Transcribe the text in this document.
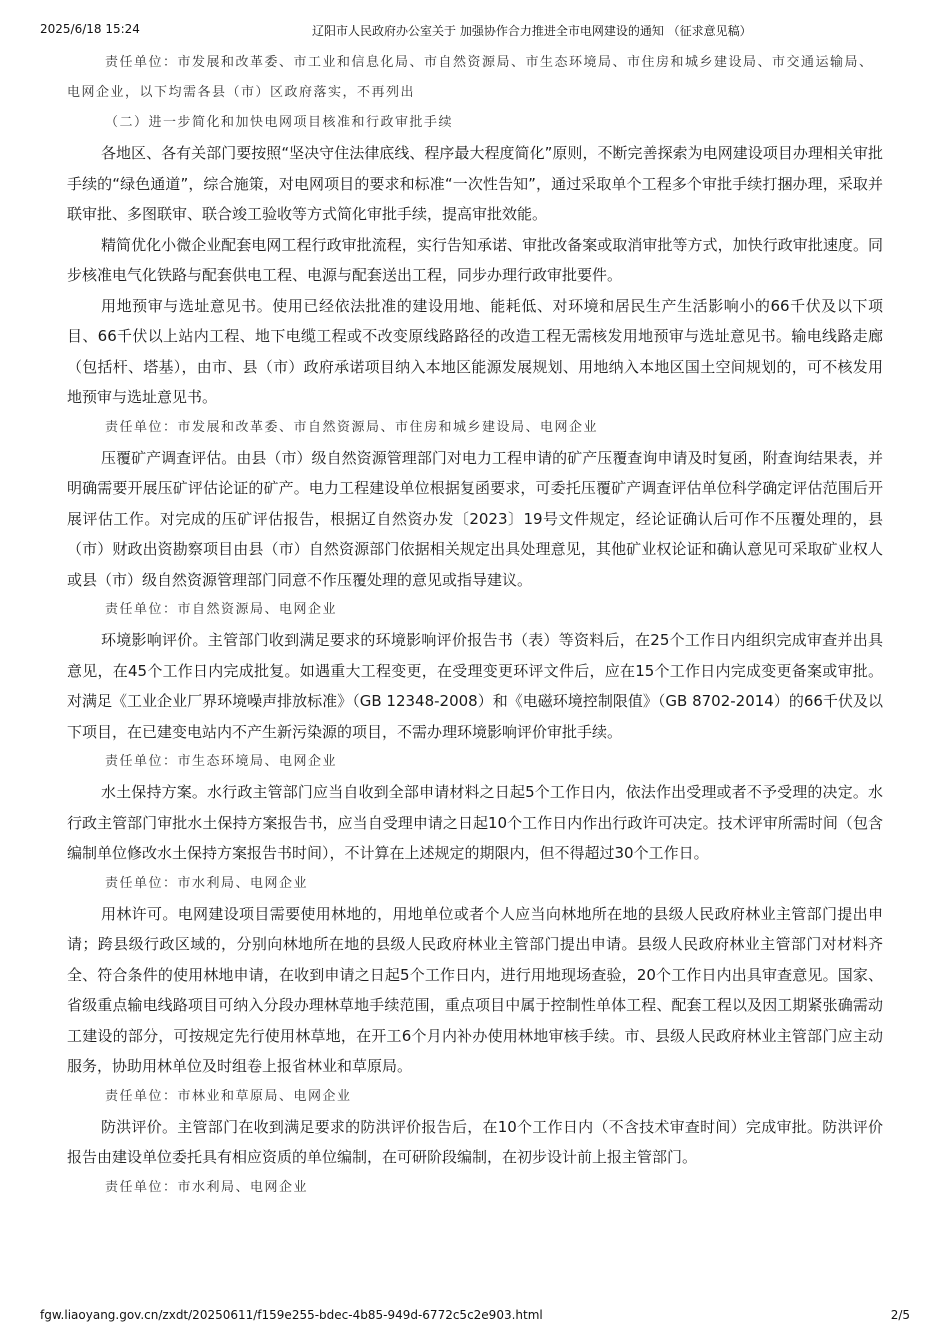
2025/6/18 15:24	辽阳市人民政府办公室关于 加强协作合力推进全市电网建设的通知 （征求意见稿）

责任单位：市发展和改革委、市工业和信息化局、市自然资源局、市生态环境局、市住房和城乡建设局、市交通运输局、电网企业，以下均需各县（市）区政府落实，不再列出

（二）进一步简化和加快电网项目核准和行政审批手续

各地区、各有关部门要按照“坚决守住法律底线、程序最大程度简化”原则，不断完善探索为电网建设项目办理相关审批手续的“绿色通道”，综合施策，对电网项目的要求和标准“一次性告知”，通过采取单个工程多个审批手续打捆办理，采取并联审批、多图联审、联合竣工验收等方式简化审批手续，提高审批效能。

精简优化小微企业配套电网工程行政审批流程，实行告知承诺、审批改备案或取消审批等方式，加快行政审批速度。同步核准电气化铁路与配套供电工程、电源与配套送出工程，同步办理行政审批要件。

用地预审与选址意见书。使用已经依法批准的建设用地、能耗低、对环境和居民生产生活影响小的66千伏及以下项目、66千伏以上站内工程、地下电缆工程或不改变原线路路径的改造工程无需核发用地预审与选址意见书。输电线路走廊（包括杆、塔基），由市、县（市）政府承诺项目纳入本地区能源发展规划、用地纳入本地区国土空间规划的，可不核发用地预审与选址意见书。

责任单位：市发展和改革委、市自然资源局、市住房和城乡建设局、电网企业

压覆矿产调查评估。由县（市）级自然资源管理部门对电力工程申请的矿产压覆查询申请及时复函，附查询结果表，并明确需要开展压矿评估论证的矿产。电力工程建设单位根据复函要求，可委托压覆矿产调查评估单位科学确定评估范围后开展评估工作。对完成的压矿评估报告，根据辽自然资办发〔2023〕19号文件规定，经论证确认后可作不压覆处理的，县（市）财政出资勘察项目由县（市）自然资源部门依据相关规定出具处理意见，其他矿业权论证和确认意见可采取矿业权人或县（市）级自然资源管理部门同意不作压覆处理的意见或指导建议。

责任单位：市自然资源局、电网企业

环境影响评价。主管部门收到满足要求的环境影响评价报告书（表）等资料后，在25个工作日内组织完成审查并出具意见，在45个工作日内完成批复。如遇重大工程变更，在受理变更环评文件后，应在15个工作日内完成变更备案或审批。对满足《工业企业厂界环境噪声排放标准》（GB 12348-2008）和《电磁环境控制限值》（GB 8702-2014）的66千伏及以下项目，在已建变电站内不产生新污染源的项目，不需办理环境影响评价审批手续。

责任单位：市生态环境局、电网企业

水土保持方案。水行政主管部门应当自收到全部申请材料之日起5个工作日内，依法作出受理或者不予受理的决定。水行政主管部门审批水土保持方案报告书，应当自受理申请之日起10个工作日内作出行政许可决定。技术评审所需时间（包含编制单位修改水土保持方案报告书时间），不计算在上述规定的期限内，但不得超过30个工作日。

责任单位：市水利局、电网企业

用林许可。电网建设项目需要使用林地的，用地单位或者个人应当向林地所在地的县级人民政府林业主管部门提出申请；跨县级行政区域的，分别向林地所在地的县级人民政府林业主管部门提出申请。县级人民政府林业主管部门对材料齐全、符合条件的使用林地申请，在收到申请之日起5个工作日内，进行用地现场查验，20个工作日内出具审查意见。国家、省级重点输电线路项目可纳入分段办理林草地手续范围，重点项目中属于控制性单体工程、配套工程以及因工期紧张确需动工建设的部分，可按规定先行使用林草地，在开工6个月内补办使用林地审核手续。市、县级人民政府林业主管部门应主动服务，协助用林单位及时组卷上报省林业和草原局。

责任单位：市林业和草原局、电网企业

防洪评价。主管部门在收到满足要求的防洪评价报告后，在10个工作日内（不含技术审查时间）完成审批。防洪评价报告由建设单位委托具有相应资质的单位编制，在可研阶段编制，在初步设计前上报主管部门。

责任单位：市水利局、电网企业

fgw.liaoyang.gov.cn/zxdt/20250611/f159e255-bdec-4b85-949d-6772c5c2e903.html	2/5
